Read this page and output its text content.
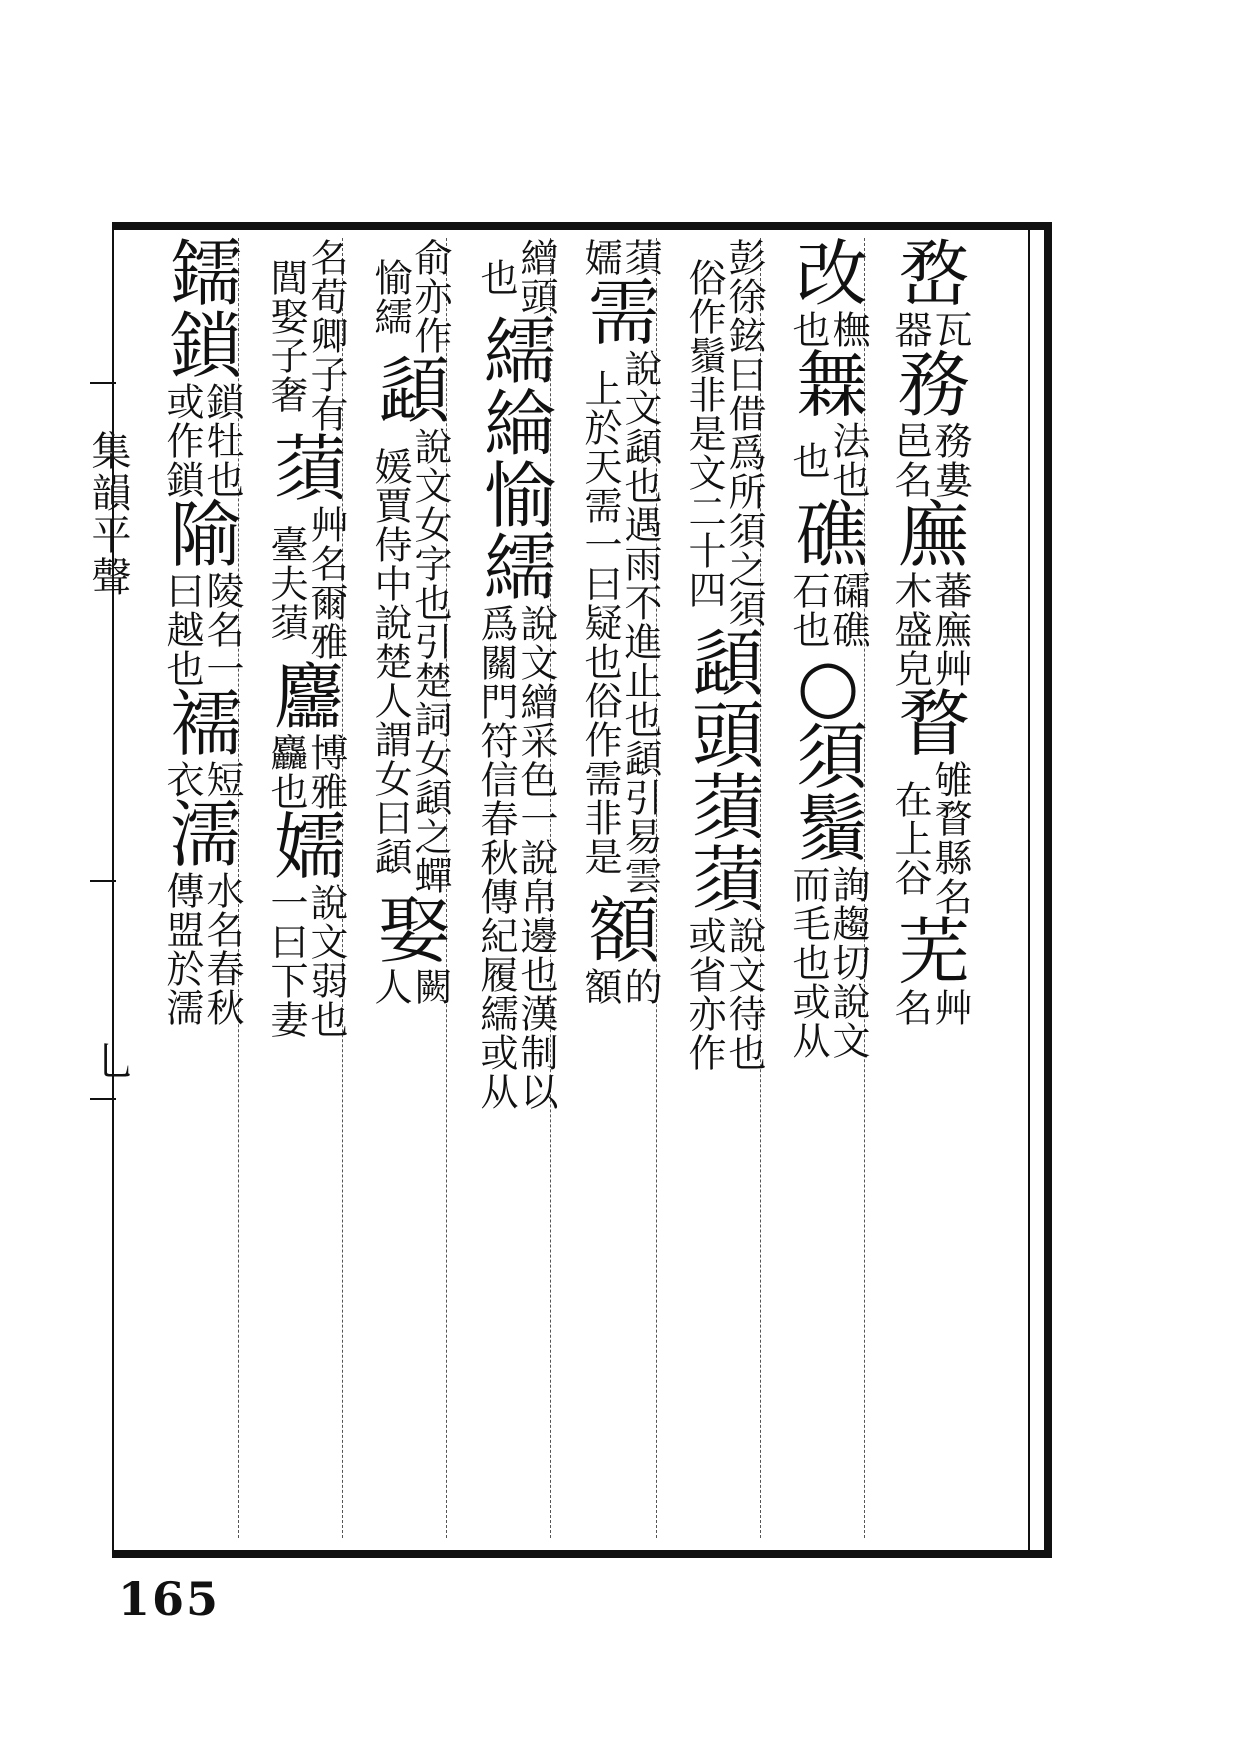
集韻平聲
乚
嵍
瓦
器
務
務婁
邑名
廡
蕃廡艸
木盛皃
瞀
雊瞀縣名
在上谷
芜
艸
名
改
橅
也
橆
法也
也
礁
礵礁
石也
○須
鬚
詢趨切說文
而毛也或从
彭徐鉉曰借爲所須之須
俗作鬚非是文二十四
頿
頭
蕦
蕦
說文待也
或省亦作
蕦
嬬
需
說文頿也遇雨不進止也頿引易雲
上於天需一曰疑也俗作需非是
額
的
額
繒頭
也
繻
綸
愉
繻
說文繒采色一說帛邊也漢制以
爲關門符信春秋傳紀履繻或从
俞亦作
愉繻
頿
說文女字也引楚詞女頿之蟬
媛賈侍中說楚人謂女曰頿
娶
闕
人
名荀卿子有
閭娶子奢
蕦
艸名爾雅
臺夫蕦
麢
博雅
麤也
嬬
說文弱也
一曰下妻
鑐
鎖
鎖牡也
或作鎖
隃
陵名一
曰越也
襦
短
衣
濡
水名春秋
傳盟於濡
165
